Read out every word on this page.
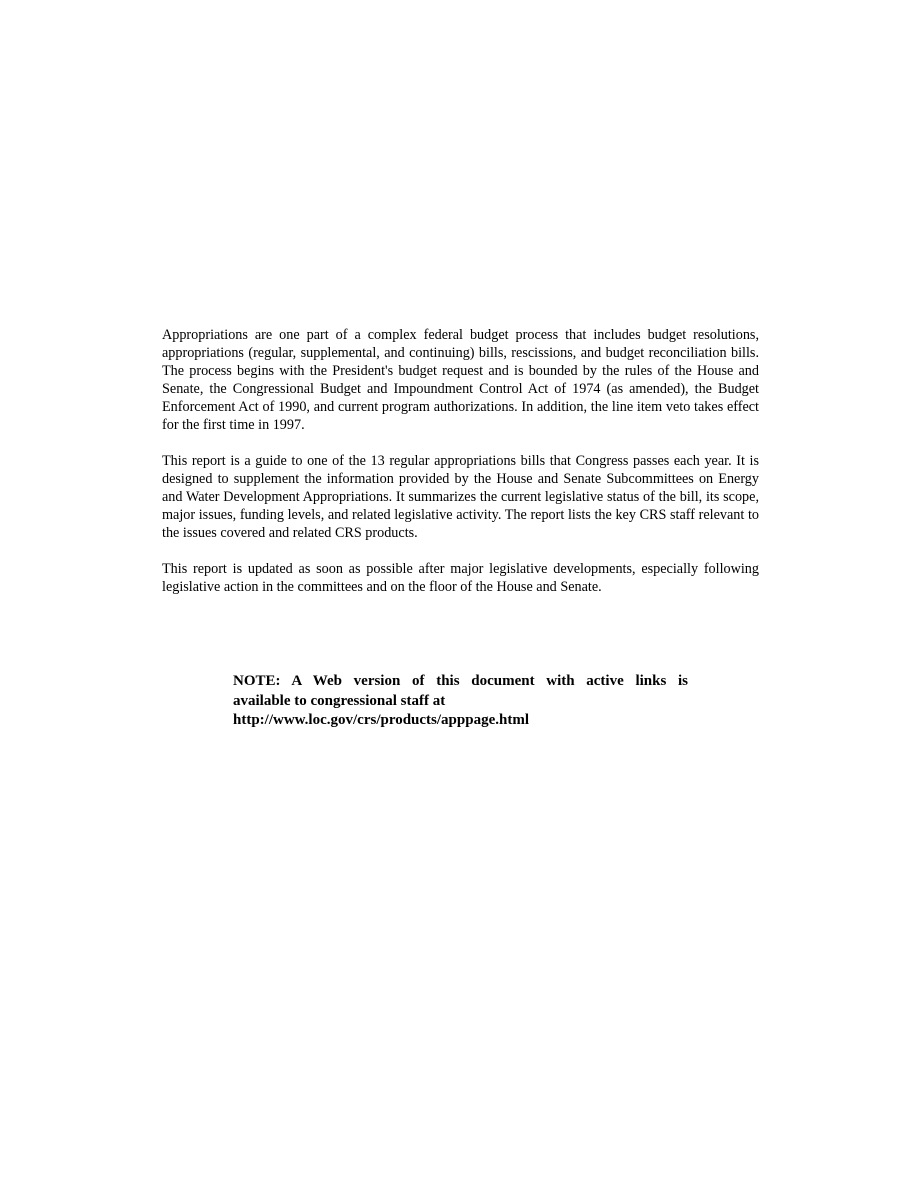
Appropriations are one part of a complex federal budget process that includes budget resolutions, appropriations (regular, supplemental, and continuing) bills, rescissions, and budget reconciliation bills. The process begins with the President's budget request and is bounded by the rules of the House and Senate, the Congressional Budget and Impoundment Control Act of 1974 (as amended), the Budget Enforcement Act of 1990, and current program authorizations. In addition, the line item veto takes effect for the first time in 1997.

This report is a guide to one of the 13 regular appropriations bills that Congress passes each year. It is designed to supplement the information provided by the House and Senate Subcommittees on Energy and Water Development Appropriations. It summarizes the current legislative status of the bill, its scope, major issues, funding levels, and related legislative activity. The report lists the key CRS staff relevant to the issues covered and related CRS products.

This report is updated as soon as possible after major legislative developments, especially following legislative action in the committees and on the floor of the House and Senate.

NOTE: A Web version of this document with active links is
available to congressional staff at
http://www.loc.gov/crs/products/apppage.html
